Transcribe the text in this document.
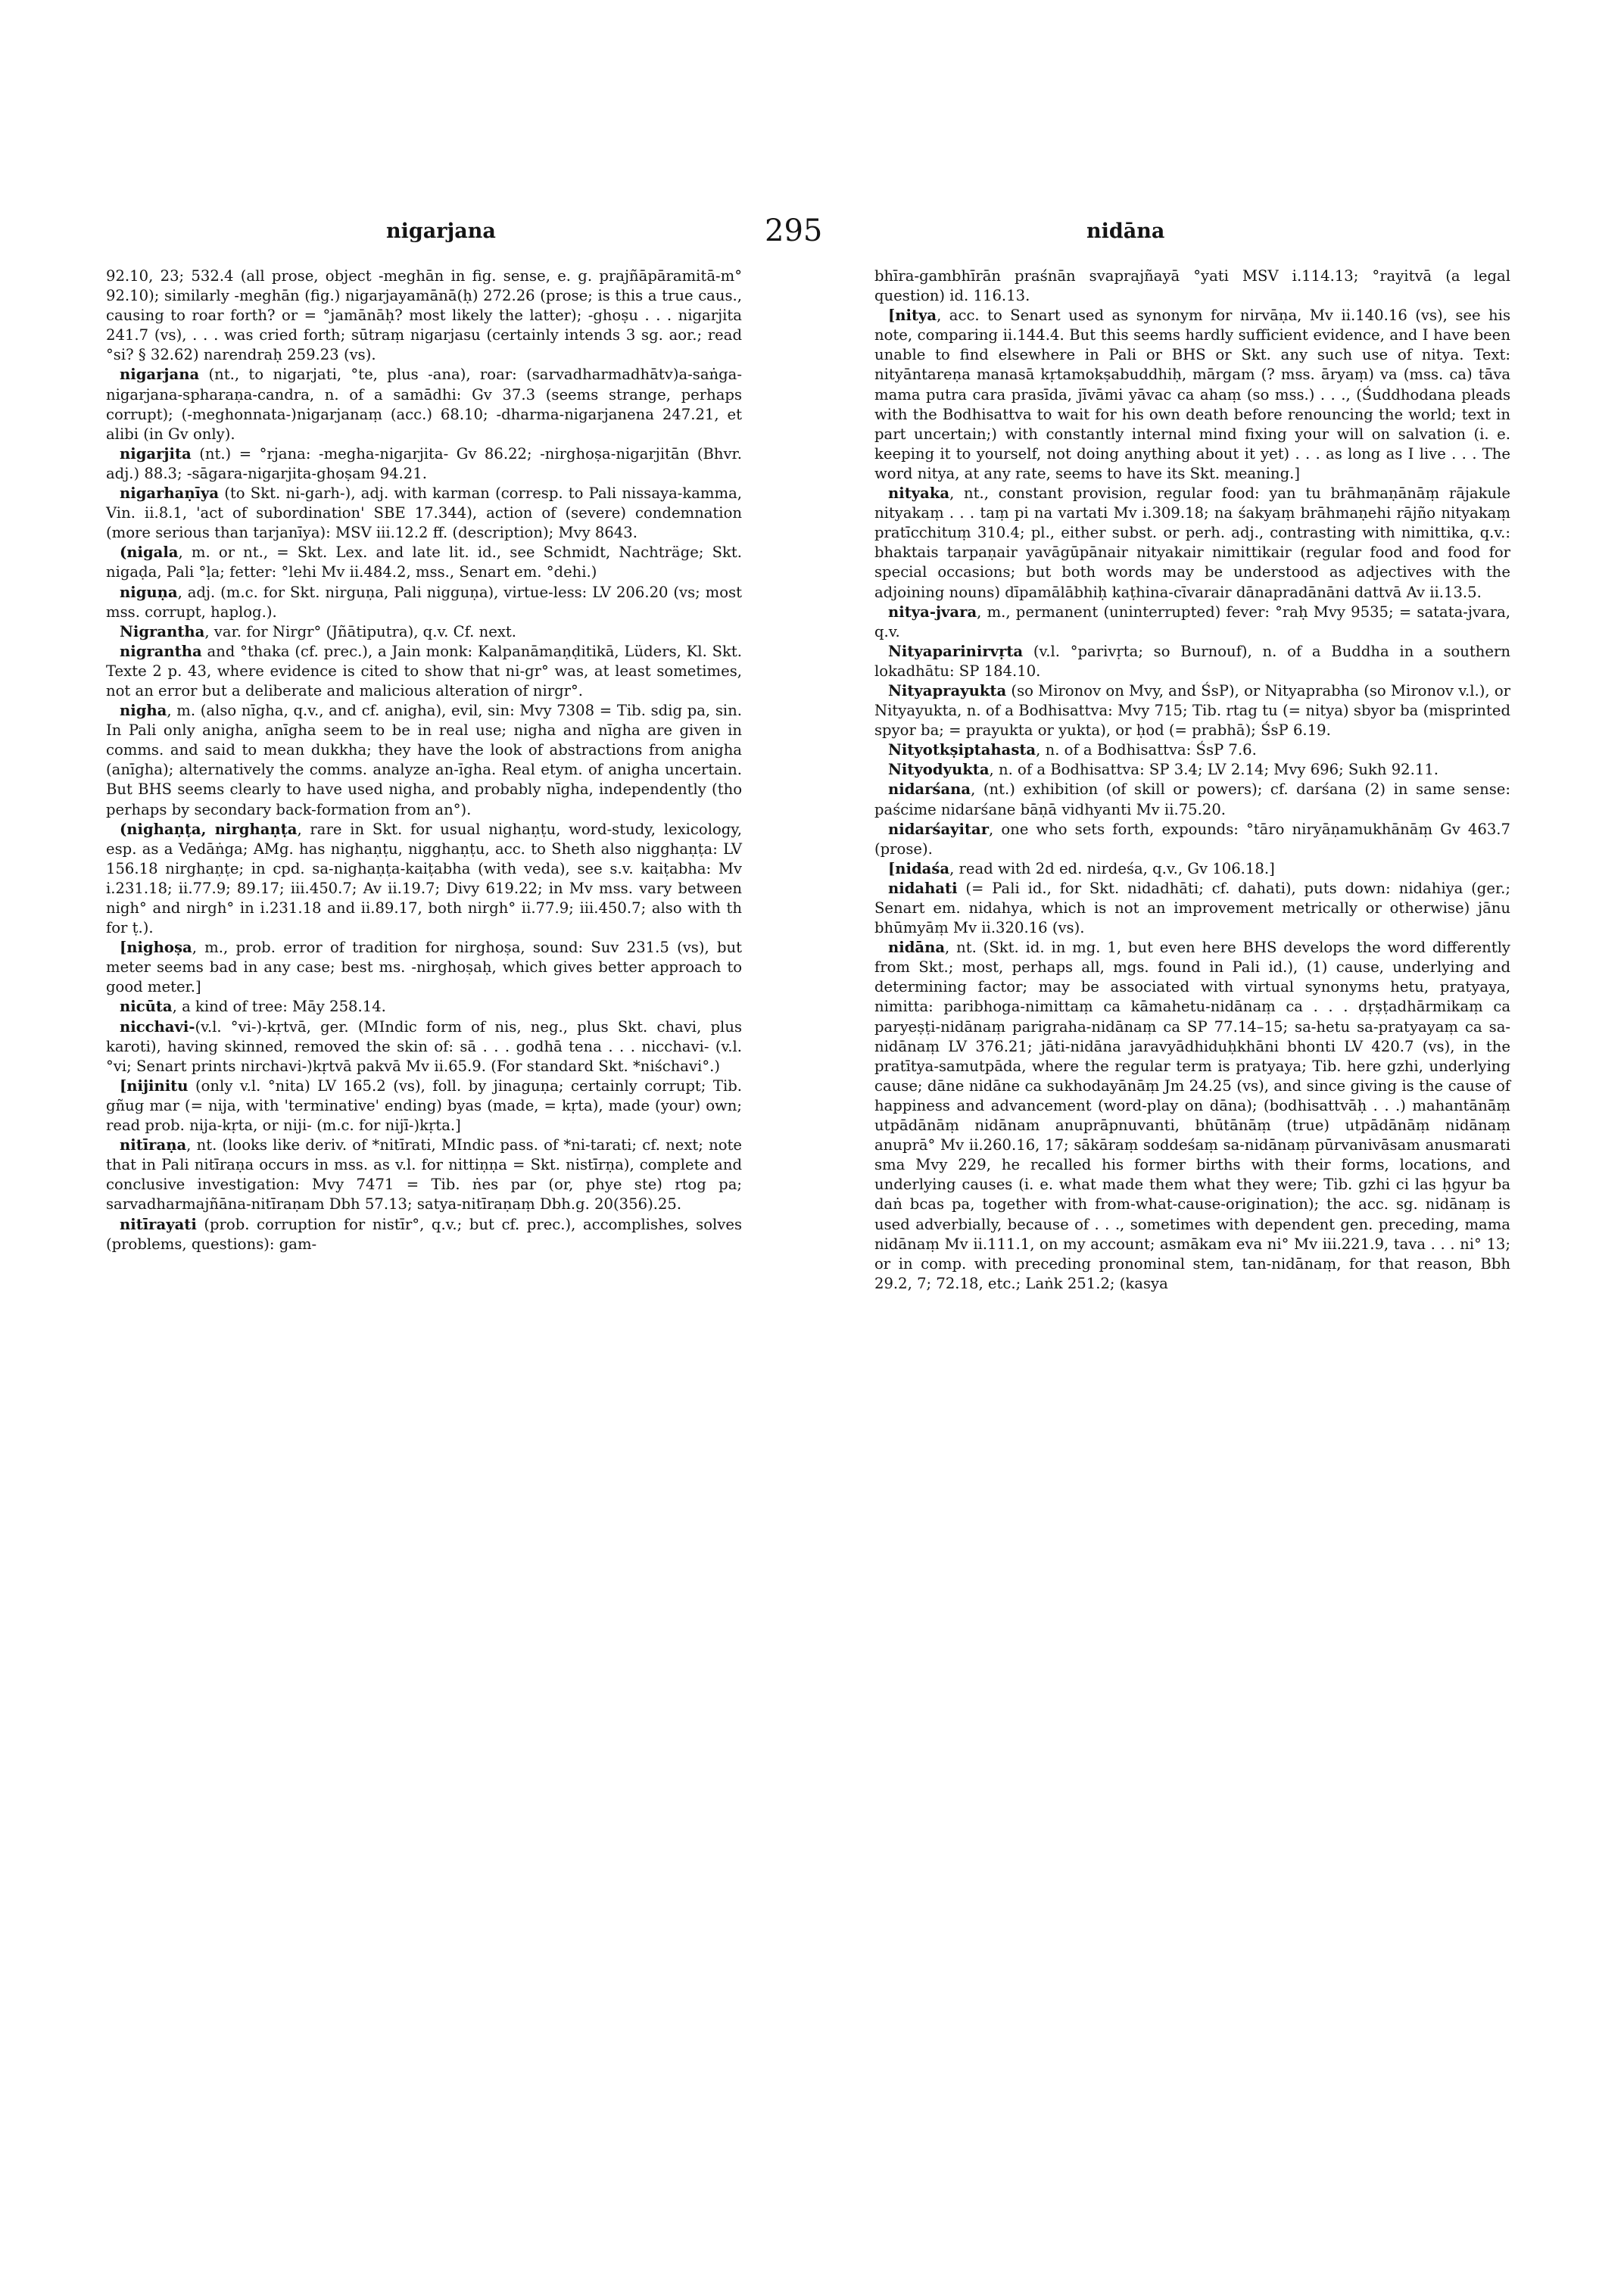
nigarjana	295	nidāna

92.10, 23; 532.4 (all prose, object -meghān in fig. sense, e. g. prajñāpāramitā-m° 92.10); similarly -meghān (fig.) nigarjayamānā(ḥ) 272.26 (prose; is this a true caus., causing to roar forth? or = °jamānāḥ? most likely the latter); -ghoṣu . . . nigarjita 241.7 (vs), . . . was cried forth; sūtraṃ nigarjasu (certainly intends 3 sg. aor.; read °si? § 32.62) narendraḥ 259.23 (vs).

nigarjana (nt., to nigarjati, °te, plus -ana), roar: (sarvadharmadhātv)a-saṅga-nigarjana-spharaṇa-candra, n. of a samādhi: Gv 37.3 (seems strange, perhaps corrupt); (-meghonnata-)nigarjanaṃ (acc.) 68.10; -dharma-nigarjanena 247.21, et alibi (in Gv only).

nigarjita (nt.) = °rjana: -megha-nigarjita- Gv 86.22; -nirghoṣa-nigarjitān (Bhvr. adj.) 88.3; -sāgara-nigarjita-ghoṣam 94.21.

nigarhaṇīya (to Skt. ni-garh-), adj. with karman (corresp. to Pali nissaya-kamma, Vin. ii.8.1, 'act of subordination' SBE 17.344), action of (severe) condemnation (more serious than tarjanīya): MSV iii.12.2 ff. (description); Mvy 8643.

(nigala, m. or nt., = Skt. Lex. and late lit. id., see Schmidt, Nachträge; Skt. nigaḍa, Pali °ḷa; fetter: °lehi Mv ii.484.2, mss., Senart em. °dehi.)

niguṇa, adj. (m.c. for Skt. nirguṇa, Pali nigguṇa), virtue-less: LV 206.20 (vs; most mss. corrupt, haplog.).

Nigrantha, var. for Nirgr° (Jñātiputra), q.v. Cf. next.

nigrantha and °thaka (cf. prec.), a Jain monk: Kalpanāmaṇḍitikā, Lüders, Kl. Skt. Texte 2 p. 43, where evidence is cited to show that ni-gr° was, at least sometimes, not an error but a deliberate and malicious alteration of nirgr°.

nigha, m. (also nīgha, q.v., and cf. anigha), evil, sin: Mvy 7308 = Tib. sdig pa, sin. In Pali only anigha, anīgha seem to be in real use; nigha and nīgha are given in comms. and said to mean dukkha; they have the look of abstractions from anigha (anīgha); alternatively the comms. analyze an-īgha. Real etym. of anigha uncertain. But BHS seems clearly to have used nigha, and probably nīgha, independently (tho perhaps by secondary back-formation from an°).

(nighaṇṭa, nirghaṇṭa, rare in Skt. for usual nighaṇṭu, word-study, lexicology, esp. as a Vedāṅga; AMg. has nighaṇṭu, nigghaṇṭu, acc. to Sheth also nigghaṇṭa: LV 156.18 nirghaṇṭe; in cpd. sa-nighaṇṭa-kaiṭabha (with veda), see s.v. kaiṭabha: Mv i.231.18; ii.77.9; 89.17; iii.450.7; Av ii.19.7; Divy 619.22; in Mv mss. vary between nigh° and nirgh° in i.231.18 and ii.89.17, both nirgh° ii.77.9; iii.450.7; also with th for ṭ.).

[nighoṣa, m., prob. error of tradition for nirghoṣa, sound: Suv 231.5 (vs), but meter seems bad in any case; best ms. -nirghoṣaḥ, which gives better approach to good meter.]

nicūta, a kind of tree: Māy 258.14.

nicchavi-(v.l. °vi-)-kṛtvā, ger. (MIndic form of nis, neg., plus Skt. chavi, plus karoti), having skinned, removed the skin of: sā . . . godhā tena . . . nicchavi- (v.l. °vi; Senart prints nirchavi-)kṛtvā pakvā Mv ii.65.9. (For standard Skt. *niśchavi°.)

[nijinitu (only v.l. °nita) LV 165.2 (vs), foll. by jinaguṇa; certainly corrupt; Tib. gñug mar (= nija, with 'terminative' ending) byas (made, = kṛta), made (your) own; read prob. nija-kṛta, or niji- (m.c. for nijī-)kṛta.]

nitīraṇa, nt. (looks like deriv. of *nitīrati, MIndic pass. of *ni-tarati; cf. next; note that in Pali nitīraṇa occurs in mss. as v.l. for nittiṇṇa = Skt. nistīrṇa), complete and conclusive investigation: Mvy 7471 = Tib. ṅes par (or, phye ste) rtog pa; sarvadharmajñāna-nitīraṇam Dbh 57.13; satya-nitīraṇaṃ Dbh.g. 20(356).25.

nitīrayati (prob. corruption for nistīr°, q.v.; but cf. prec.), accomplishes, solves (problems, questions): gam-

bhīra-gambhīrān praśnān svaprajñayā °yati MSV i.114.13; °rayitvā (a legal question) id. 116.13.

[nitya, acc. to Senart used as synonym for nirvāṇa, Mv ii.140.16 (vs), see his note, comparing ii.144.4. But this seems hardly sufficient evidence, and I have been unable to find elsewhere in Pali or BHS or Skt. any such use of nitya. Text: nityāntareṇa manasā kṛtamokṣabuddhiḥ, mārgam (? mss. āryaṃ) va (mss. ca) tāva mama putra cara prasīda, jīvāmi yāvac ca ahaṃ (so mss.) . . ., (Śuddhodana pleads with the Bodhisattva to wait for his own death before renouncing the world; text in part uncertain;) with constantly internal mind fixing your will on salvation (i. e. keeping it to yourself, not doing anything about it yet) . . . as long as I live . . . The word nitya, at any rate, seems to have its Skt. meaning.]

nityaka, nt., constant provision, regular food: yan tu brāhmaṇānāṃ rājakule nityakaṃ . . . taṃ pi na vartati Mv i.309.18; na śakyaṃ brāhmaṇehi rājño nityakaṃ pratīcchituṃ 310.4; pl., either subst. or perh. adj., contrasting with nimittika, q.v.: bhaktais tarpaṇair yavāgūpānair nityakair nimittikair (regular food and food for special occasions; but both words may be understood as adjectives with the adjoining nouns) dīpamālābhiḥ kaṭhina-cīvarair dānapradānāni dattvā Av ii.13.5.

nitya-jvara, m., permanent (uninterrupted) fever: °raḥ Mvy 9535; = satata-jvara, q.v.

Nityaparinirvṛta (v.l. °parivṛta; so Burnouf), n. of a Buddha in a southern lokadhātu: SP 184.10.

Nityaprayukta (so Mironov on Mvy, and ŚsP), or Nityaprabha (so Mironov v.l.), or Nityayukta, n. of a Bodhisattva: Mvy 715; Tib. rtag tu (= nitya) sbyor ba (misprinted spyor ba; = prayukta or yukta), or ḥod (= prabhā); ŚsP 6.19.

Nityotkṣiptahasta, n. of a Bodhisattva: ŚsP 7.6.

Nityodyukta, n. of a Bodhisattva: SP 3.4; LV 2.14; Mvy 696; Sukh 92.11.

nidarśana, (nt.) exhibition (of skill or powers); cf. darśana (2) in same sense: paścime nidarśane bāṇā vidhyanti Mv ii.75.20.

nidarśayitar, one who sets forth, expounds: °tāro niryāṇamukhānāṃ Gv 463.7 (prose).

[nidaśa, read with 2d ed. nirdeśa, q.v., Gv 106.18.]

nidahati (= Pali id., for Skt. nidadhāti; cf. dahati), puts down: nidahiya (ger.; Senart em. nidahya, which is not an improvement metrically or otherwise) jānu bhūmyāṃ Mv ii.320.16 (vs).

nidāna, nt. (Skt. id. in mg. 1, but even here BHS develops the word differently from Skt.; most, perhaps all, mgs. found in Pali id.), (1) cause, underlying and determining factor; may be associated with virtual synonyms hetu, pratyaya, nimitta: paribhoga-nimittaṃ ca kāmahetu-nidānaṃ ca . . . dṛṣṭadhārmikaṃ ca paryeṣṭi-nidānaṃ parigraha-nidānaṃ ca SP 77.14–15; sa-hetu sa-pratyayaṃ ca sa-nidānaṃ LV 376.21; jāti-nidāna jaravyādhiduḥkhāni bhonti LV 420.7 (vs), in the pratītya-samutpāda, where the regular term is pratyaya; Tib. here gzhi, underlying cause; dāne nidāne ca sukhodayānāṃ Jm 24.25 (vs), and since giving is the cause of happiness and advancement (word-play on dāna); (bodhisattvāḥ . . .) mahantānāṃ utpādānāṃ nidānam anuprāpnuvanti, bhūtānāṃ (true) utpādānāṃ nidānaṃ anuprā° Mv ii.260.16, 17; sākāraṃ soddeśaṃ sa-nidānaṃ pūrvanivāsam anusmarati sma Mvy 229, he recalled his former births with their forms, locations, and underlying causes (i. e. what made them what they were; Tib. gzhi ci las ḥgyur ba daṅ bcas pa, together with from-what-cause-origination); the acc. sg. nidānaṃ is used adverbially, because of . . ., sometimes with dependent gen. preceding, mama nidānaṃ Mv ii.111.1, on my account; asmākam eva ni° Mv iii.221.9, tava . . . ni° 13; or in comp. with preceding pronominal stem, tan-nidānaṃ, for that reason, Bbh 29.2, 7; 72.18, etc.; Laṅk 251.2; (kasya
